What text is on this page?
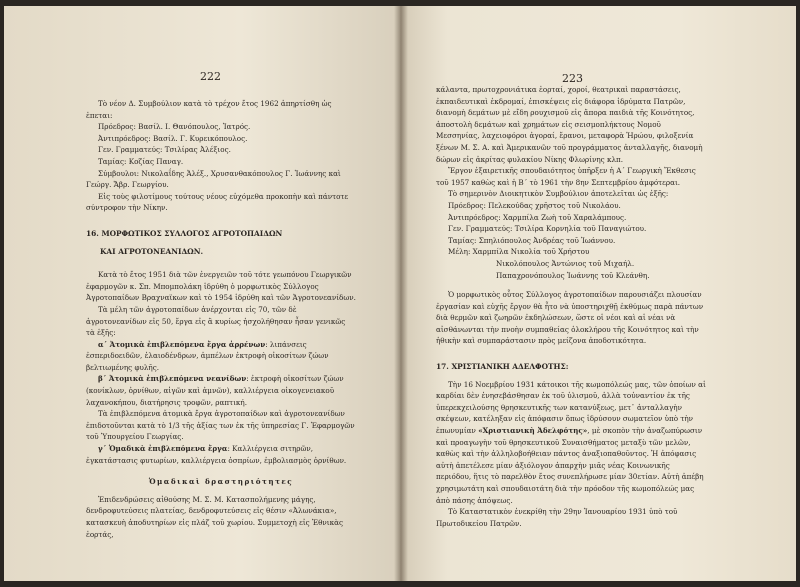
222

Τὸ νέον Δ. Συμβούλιον κατὰ τὸ τρέχον ἔτος 1962 ἀπηρτίσθη ὡς ἑπεται:

Πρόεδρος: Βασίλ. Ι. Θανόπουλος, Ἰατρός.

Ἀντιπρόεδρος: Βασίλ. Γ. Κυρεικόπουλος.

Γεν. Γραμματεύς: Τσιλίρας Ἀλέξιος.

Ταμίας: Κοζίας Παναγ.

Σύμβουλοι: Νικολαΐδης Ἀλέξ., Χρυσανθακόπουλος Γ. Ἰωάννης καὶ Γεώργ. Ἄβρ. Γεωργίου.

Εἰς τοὺς φιλοτίμους τούτους νέους εὐχόμεθα προκοπὴν καὶ πάντοτε σύντροφον τὴν Νίκην.

16. ΜΟΡΦΩΤΙΚΟΣ ΣΥΛΛΟΓΟΣ ΑΓΡΟΤΟΠΑΙΔΩΝ
ΚΑΙ ΑΓΡΟΤΟΝΕΑΝΙΔΩΝ.

Κατὰ τὸ ἔτος 1951 διὰ τῶν ἐνεργειῶν τοῦ τότε γεωπόνου Γεωργικῶν ἐφαρμογῶν κ. Σπ. Μπομπολάκη ἱδρύθη ὁ μορφωτικὸς Σύλλογος Ἀγροτοπαίδων Βραχναϊκων καὶ τὸ 1954 ἱδρύθη καὶ τῶν Ἀγροτονεανίδων.

Τὰ μέλη τῶν ἀγροτοπαίδων ἀνέρχονται εἰς 70, τῶν δὲ ἀγροτονεανίδων εἰς 50, ἔργα εἰς ἃ κυρίως ἠσχολήθησαν ἦσαν γενικῶς τὰ ἑξῆς:

α΄ Ἀτομικὰ ἐπιβλεπόμενα ἔργα ἀρρένων: λιπάνσεις ἐσπεριδοειδῶν, ἐλαιοδένδρων, ἀμπέλων ἐκτροφὴ οἰκοσίτων ζώων βελτιωμένης φυλῆς.

β΄ Ἀτομικὰ ἐπιβλεπόμενα νεανίδων: ἐκτροφὴ οἰκοσίτων ζώων (κονίκλων, ὀρνίθων, αἰγῶν καὶ ἀμνῶν), καλλιέργεια οἰκογενειακοῦ λαχανοκήπου, διατήρησις τροφῶν, ραπτική.

Τὰ ἐπιβλεπόμενα ἀτομικὰ ἔργα ἀγροτοπαίδων καὶ ἀγροτονεανίδων ἐπιδοτοῦνται κατὰ τὸ 1/3 τῆς ἀξίας των ἐκ τῆς ὑπηρεσίας Γ. Ἐφαρμογῶν τοῦ Ὑπουργείου Γεωργίας.

γ΄ Ὁμαδικὰ ἐπιβλεπόμενα ἔργα: Καλλιέργεια σιτηρῶν, ἐγκατάστασις φυτωρίων, καλλιέργεια ὀσπρίων, ἐμβολιασμὸς ὀρνίθων.

Ὁμαδικαὶ δραστηριότητες

Ἐπιδενδρώσεις αἰθούσης Μ. Σ. Μ. Κατασπολήμενης μάγης, δενδροφυτεύσεις πλατείας, δενδροφυτεύσεις εἰς θέσιν «Ἀλωνάκια», κατασκευὴ ἀποδυτηρίων εἰς πλάζ τοῦ χωρίου. Συμμετοχὴ εἰς Ἐθνικὰς ἑορτάς,

223

κάλαντα, πρωτοχρονιάτικα ἑορταί, χοροί, θεατρικαὶ παραστάσεις, ἐκπαιδευτικαὶ ἐκδρομαί, ἐπισκέψεις εἰς διάφορα ἱδρύματα Πατρῶν, διανομὴ δεμάτων μὲ εἴδη ρουχισμοῦ εἰς ἄπορα παιδιὰ τῆς Κοινότητος, ἀποστολὴ δεμάτων καὶ χρημάτων εἰς σεισμοπλήκτους Νομοῦ Μεσσηνίας, λαχειοφόροι ἀγοραί, ἔρανοι, μεταφορὰ Ἡρώου, φιλοξενία ξένων Μ. Σ. Α. καὶ Ἀμερικανῶν τοῦ προγράμματος ἀνταλλαγῆς, διανομὴ δώρων εἰς ἀκρίτας φυλακίου Νίκης Φλωρίνης κλπ.

Ἔργον ἐξαιρετικῆς σπουδαιότητος ὑπῆρξεν ἡ Α΄ Γεωργικὴ Ἔκθεσις τοῦ 1957 καθὼς καὶ ἡ Β΄ τὸ 1961 τὴν 8ην Σεπτεμβρίου ἀμφότεραι.

Τὸ σημερινὸν Διοικητικὸν Συμβούλιον ἀποτελεῖται ὡς ἑξῆς:

Πρόεδρος: Πελεκούδας χρῆστος τοῦ Νικολάου.

Ἀντιπρόεδρος: Χαρμπίλα Ζωὴ τοῦ Χαραλάμπους.

Γεν. Γραμματεύς: Τσιλίρα Κορνηλία τοῦ Παναγιώτου.

Ταμίας: Σπηλιόπουλος Ἀνδρέας τοῦ Ἰωάννου.

Μέλη: Χαρμπίλα Νικολία τοῦ Χρήστου

Νικολόπουλος Ἀντώνιος τοῦ Μιχαήλ.

Παπαχρονόπουλος Ἰωάννης τοῦ Κλεάνθη.

Ὁ μορφωτικὸς οὗτος Σύλλογος ἀγροτοπαίδων παρουσιάζει πλουσίαν ἐργασίαν καὶ εὐχῆς ἔργον θὰ ἦτο νὰ ὑποστηριχθῇ ἐκθύμως παρὰ πάντων διὰ θερμῶν καὶ ζωηρῶν ἐκδηλώσεων, ὥστε οἱ νέοι καὶ αἱ νέαι νὰ αἰσθάνωνται τὴν πνοὴν συμπαθείας ὁλοκλήρου τῆς Κοινότητος καὶ τὴν ἠθικὴν καὶ συμπαράστασιν πρὸς μείζονα ἀποδοτικότητα.

17. ΧΡΙΣΤΙΑΝΙΚΗ ΑΔΕΛΦΟΤΗΣ:

Τὴν 16 Νοεμβρίου 1931 κάτοικοι τῆς κωμοπόλεώς μας, τῶν ὁποίων αἱ καρδίαι δὲν ἐνησεβάσθησαν ἐκ τοῦ ὑλισμοῦ, ἀλλὰ τοὐναντίον ἐκ τῆς ὑπερεκχειλούσης θρησκευτικῆς των κατανύξεως, μετ᾿ ἀνταλλαγὴν σκέψεων, κατέληξαν εἰς ἀπόφασιν ὅπως ἱδρύσουν σωματεῖον ὑπὸ τὴν ἐπωνυμίαν «Χριστιανικὴ Ἀδελφότης», μὲ σκοπὸν τὴν ἀναζωπύρωσιν καὶ προαγωγὴν τοῦ θρησκευτικοῦ Συναισθήματος μεταξὺ τῶν μελῶν, καθὼς καὶ τὴν ἀλληλοβοήθειαν πάντος ἀναξιοπαθοῦντος. Ἡ ἀπόφασις αὐτὴ ἀπετέλεσε μίαν ἀξιόλογον ἀπαρχὴν μιᾶς νέας Κοινωνικῆς περιόδου, ἥτις τὸ παρελθὸν ἔτος συνεπλήρωσε μίαν 30ετίαν. Αὐτὴ ἀπέβη χρησιμωτάτη καὶ σπουδαιοτάτη διὰ τὴν πρόοδον τῆς κωμοπόλεώς μας ἀπὸ πάσης ἀπόψεως.

Τὸ Καταστατικὸν ἐνεκρίθη τὴν 29ην Ἰανουαρίου 1931 ὑπὸ τοῦ Πρωτοδικείου Πατρῶν.
